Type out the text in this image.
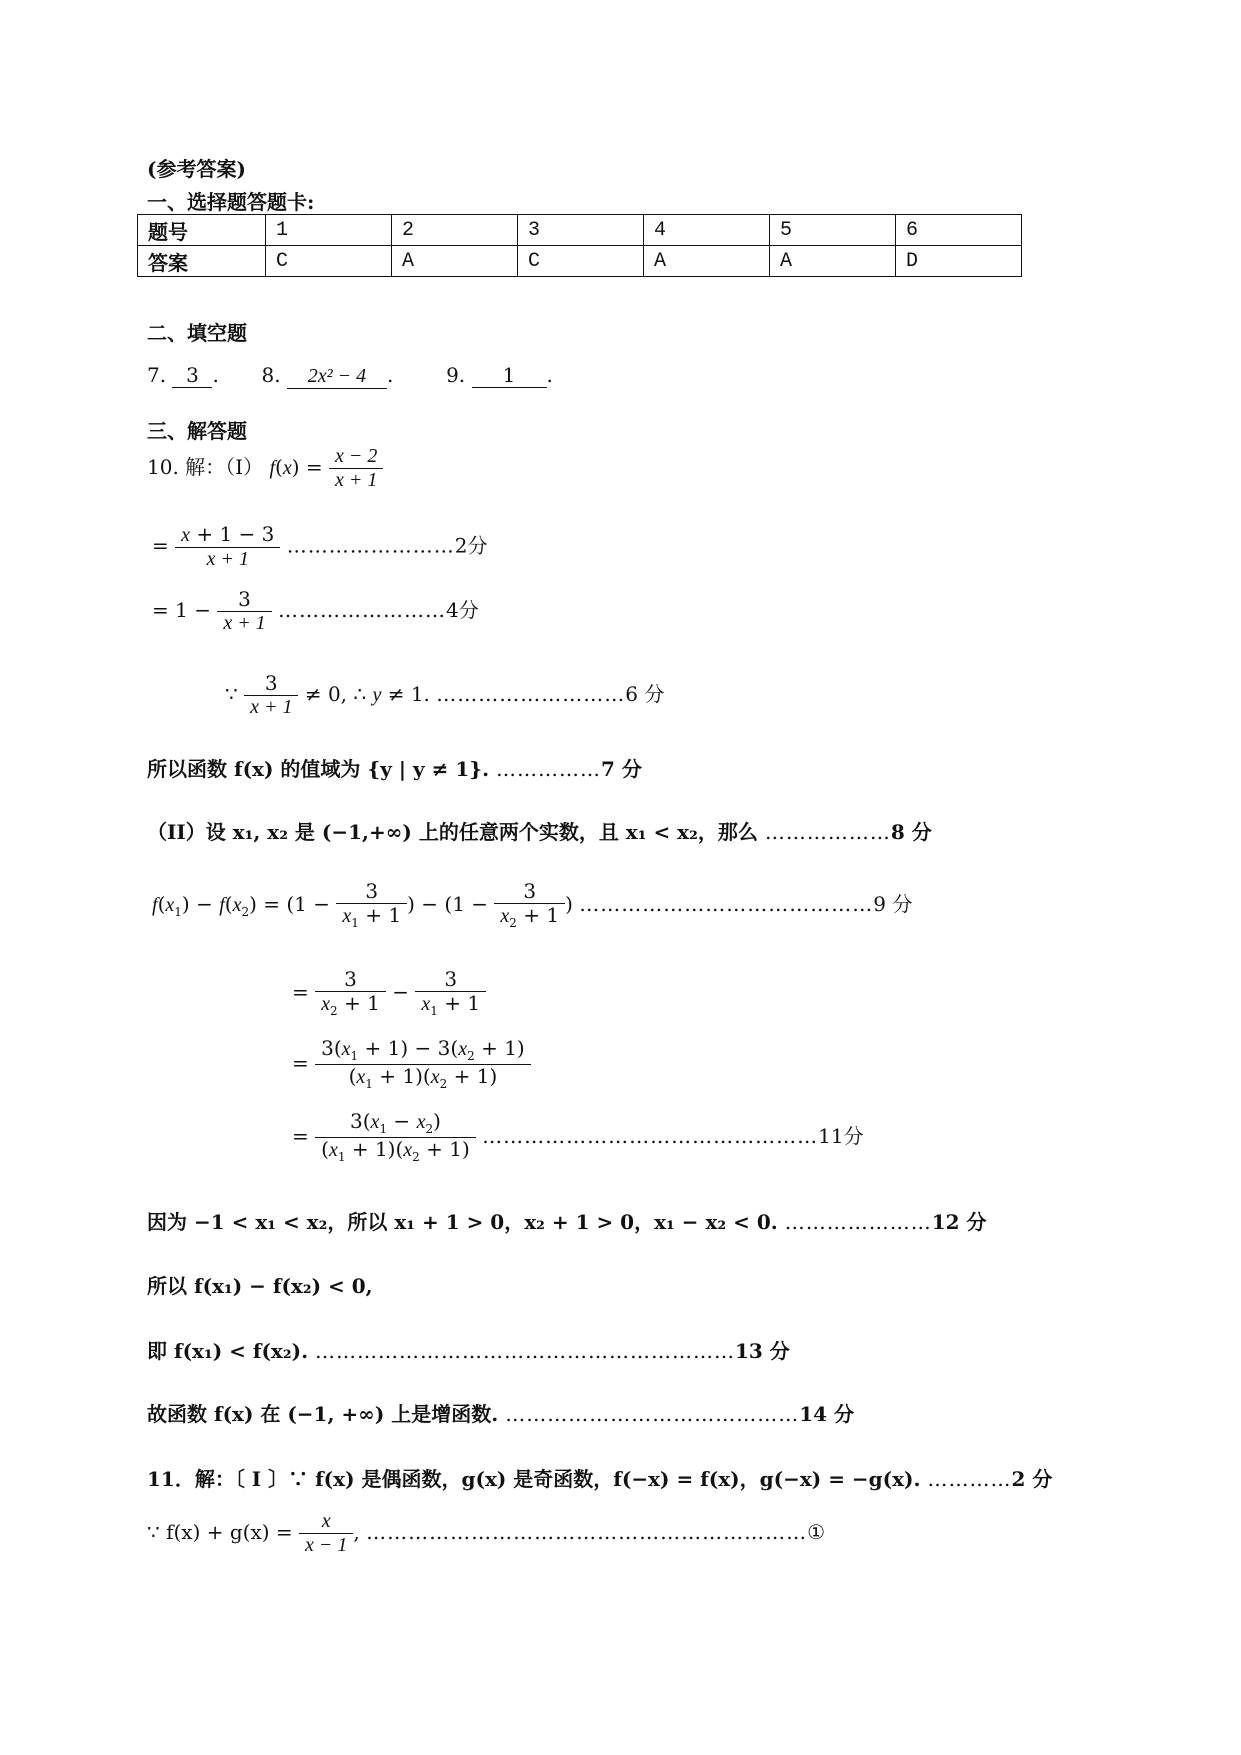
(参考答案)
一、选择题答题卡:
题号	1	2	3	4	5	6
答案	C	A	C	A	A	D
二、填空题
7. 3 . 8. 2x² − 4 .	9. 1 .
三、解答题
10. 解：（I） $f(x) = \frac{x - 2}{x + 1}$
= $\frac{x + 1 - 3}{x + 1}$ ……………………2分
= $1 - \frac{3}{x + 1}$ ……………………4分
∵ $\frac{3}{x + 1} \ne 0$, ∴ y ≠ 1. ………………………6 分
所以函数 f(x) 的值域为 {y | y ≠ 1}. ……………7 分
（II）设 x₁, x₂ 是 (−1,+∞) 上的任意两个实数，且 x₁ < x₂，那么 ………………8 分
$f(x_1) - f(x_2) = (1 - \frac{3}{x_1 + 1}$ ) − ($1 - \frac{3}{x_2 + 1}$ ) ……………………………………9 分
= $\frac{3}{x_2 + 1} - \frac{3}{x_1 + 1}$
= $\frac{3(x_1 + 1) - 3(x_2 + 1)}{(x_1 + 1)(x_2 + 1)}$
= $\frac{3(x_1 - x_2)}{(x_1 + 1)(x_2 + 1)}$ …………………………………………11分
因为 −1 < x₁ < x₂，所以 x₁ + 1 > 0，x₂ + 1 > 0，x₁ − x₂ < 0. …………………12 分
所以 f(x₁) − f(x₂) < 0,
即 f(x₁) < f(x₂). ……………………………………………………13 分
故函数 f(x) 在 (−1, +∞) 上是增函数. ……………………………………14 分
11．解：〔 I 〕∵ f(x) 是偶函数，g(x) 是奇函数，f(−x) = f(x)，g(−x) = −g(x). …………2 分
∵ $f(x) + g(x) = \frac{x}{x - 1}$ , ………………………………………………………①
